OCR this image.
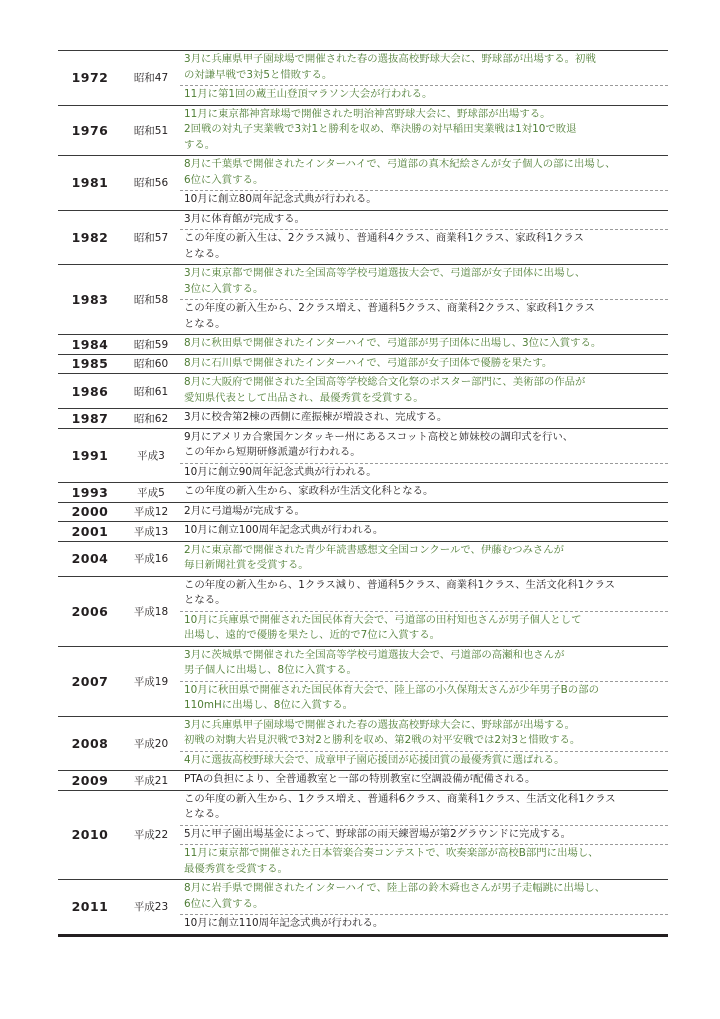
1972	昭和47
3月に兵庫県甲子園球場で開催された春の選抜高校野球大会に、野球部が出場する。初戦
の対謙早戦で3対5と惜敗する。
11月に第1回の蔵王山登頂マラソン大会が行われる。
1976	昭和51
11月に東京都神宮球場で開催された明治神宮野球大会に、野球部が出場する。
2回戦の対丸子実業戦で3対1と勝利を収め、準決勝の対早稲田実業戦は1対10で敗退
する。
1981	昭和56
8月に千葉県で開催されたインターハイで、弓道部の真木紀絵さんが女子個人の部に出場し、
6位に入賞する。
10月に創立80周年記念式典が行われる。
1982	昭和57
3月に体育館が完成する。
この年度の新入生は、2クラス減り、普通科4クラス、商業科1クラス、家政科1クラス
となる。
1983	昭和58
3月に東京都で開催された全国高等学校弓道選抜大会で、弓道部が女子団体に出場し、
3位に入賞する。
この年度の新入生から、2クラス増え、普通科5クラス、商業科2クラス、家政科1クラス
となる。
1984	昭和59	8月に秋田県で開催されたインターハイで、弓道部が男子団体に出場し、3位に入賞する。
1985	昭和60	8月に石川県で開催されたインターハイで、弓道部が女子団体で優勝を果たす。
1986	昭和61
8月に大阪府で開催された全国高等学校総合文化祭のポスター部門に、美術部の作品が
愛知県代表として出品され、最優秀賞を受賞する。
1987	昭和62	3月に校舎第2棟の西側に産振棟が増設され、完成する。
1991	平成3
9月にアメリカ合衆国ケンタッキー州にあるスコット高校と姉妹校の調印式を行い、
この年から短期研修派遣が行われる。
10月に創立90周年記念式典が行われる。
1993	平成5	この年度の新入生から、家政科が生活文化科となる。
2000	平成12	2月に弓道場が完成する。
2001	平成13	10月に創立100周年記念式典が行われる。
2004	平成16
2月に東京都で開催された青少年読書感想文全国コンクールで、伊藤むつみさんが
毎日新聞社賞を受賞する。
2006	平成18
この年度の新入生から、1クラス減り、普通科5クラス、商業科1クラス、生活文化科1クラス
となる。
10月に兵庫県で開催された国民体育大会で、弓道部の田村知也さんが男子個人として
出場し、遠的で優勝を果たし、近的で7位に入賞する。
2007	平成19
3月に茨城県で開催された全国高等学校弓道選抜大会で、弓道部の高瀬和也さんが
男子個人に出場し、8位に入賞する。
10月に秋田県で開催された国民体育大会で、陸上部の小久保翔太さんが少年男子Bの部の
110mHに出場し、8位に入賞する。
2008	平成20
3月に兵庫県甲子園球場で開催された春の選抜高校野球大会に、野球部が出場する。
初戦の対駒大岩見沢戦で3対2と勝利を収め、第2戦の対平安戦では2対3と惜敗する。
4月に選抜高校野球大会で、成章甲子園応援団が応援団賞の最優秀賞に選ばれる。
2009	平成21	PTAの負担により、全普通教室と一部の特別教室に空調設備が配備される。
2010	平成22
この年度の新入生から、1クラス増え、普通科6クラス、商業科1クラス、生活文化科1クラス
となる。
5月に甲子園出場基金によって、野球部の雨天練習場が第2グラウンドに完成する。
11月に東京都で開催された日本管楽合奏コンテストで、吹奏楽部が高校B部門に出場し、
最優秀賞を受賞する。
2011	平成23
8月に岩手県で開催されたインターハイで、陸上部の鈴木舜也さんが男子走幅跳に出場し、
6位に入賞する。
10月に創立110周年記念式典が行われる。
